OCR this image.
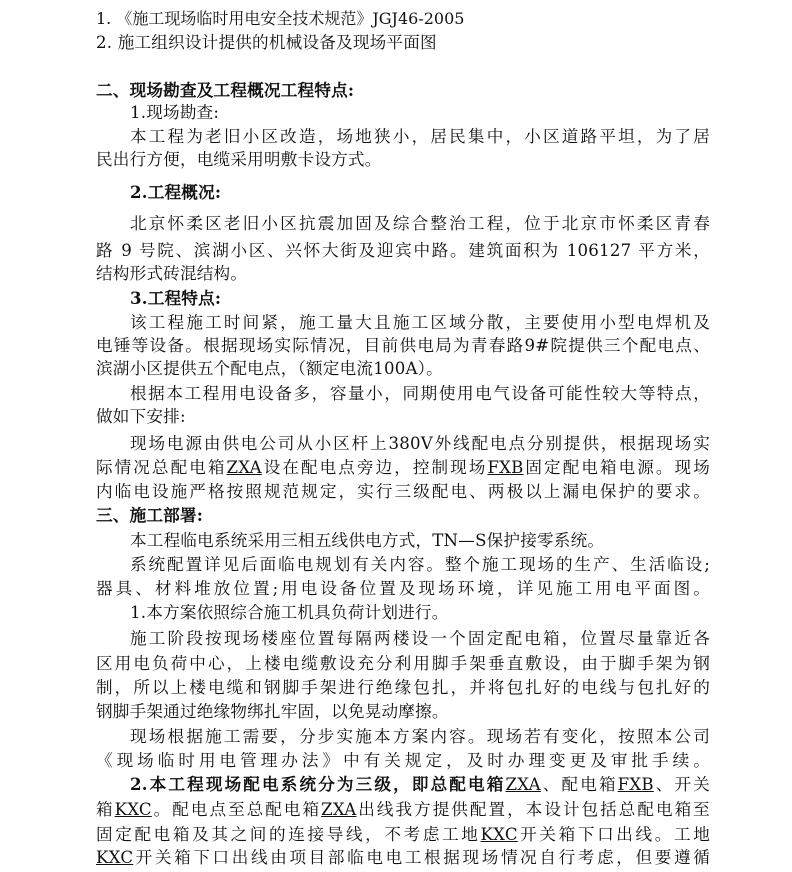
1. 《施工现场临时用电安全技术规范》JGJ46-2005
2. 施工组织设计提供的机械设备及现场平面图
二、现场勘查及工程概况工程特点:
1.现场勘查:
本工程为老旧小区改造，场地狭小，居民集中，小区道路平坦，为了居
民出行方便，电缆采用明敷卡设方式。
2.工程概况:
北京怀柔区老旧小区抗震加固及综合整治工程，位于北京市怀柔区青春
路 9 号院、滨湖小区、兴怀大街及迎宾中路。建筑面积为 106127 平方米，
结构形式砖混结构。
3.工程特点:
该工程施工时间紧，施工量大且施工区域分散，主要使用小型电焊机及
电锤等设备。根据现场实际情况，目前供电局为青春路9#院提供三个配电点、
滨湖小区提供五个配电点，（额定电流100A）。
根据本工程用电设备多，容量小，同期使用电气设备可能性较大等特点，
做如下安排:
现场电源由供电公司从小区杆上380V外线配电点分别提供，根据现场实
际情况总配电箱ZXA设在配电点旁边，控制现场FXB固定配电箱电源。现场
内临电设施严格按照规范规定，实行三级配电、两极以上漏电保护的要求。
三、施工部署:
本工程临电系统采用三相五线供电方式，TN—S保护接零系统。
系统配置详见后面临电规划有关内容。整个施工现场的生产、生活临设;
器具、材料堆放位置;用电设备位置及现场环境，详见施工用电平面图。
1.本方案依照综合施工机具负荷计划进行。
施工阶段按现场楼座位置每隔两楼设一个固定配电箱，位置尽量靠近各
区用电负荷中心，上楼电缆敷设充分利用脚手架垂直敷设，由于脚手架为钢
制，所以上楼电缆和钢脚手架进行绝缘包扎，并将包扎好的电线与包扎好的
钢脚手架通过绝缘物绑扎牢固，以免晃动摩擦。
现场根据施工需要，分步实施本方案内容。现场若有变化，按照本公司
《现场临时用电管理办法》中有关规定，及时办理变更及审批手续。
2.本工程现场配电系统分为三级，即总配电箱ZXA、配电箱FXB、开关
箱KXC。配电点至总配电箱ZXA出线我方提供配置，本设计包括总配电箱至
固定配电箱及其之间的连接导线，不考虑工地KXC开关箱下口出线。工地
KXC开关箱下口出线由项目部临电电工根据现场情况自行考虑，但要遵循
